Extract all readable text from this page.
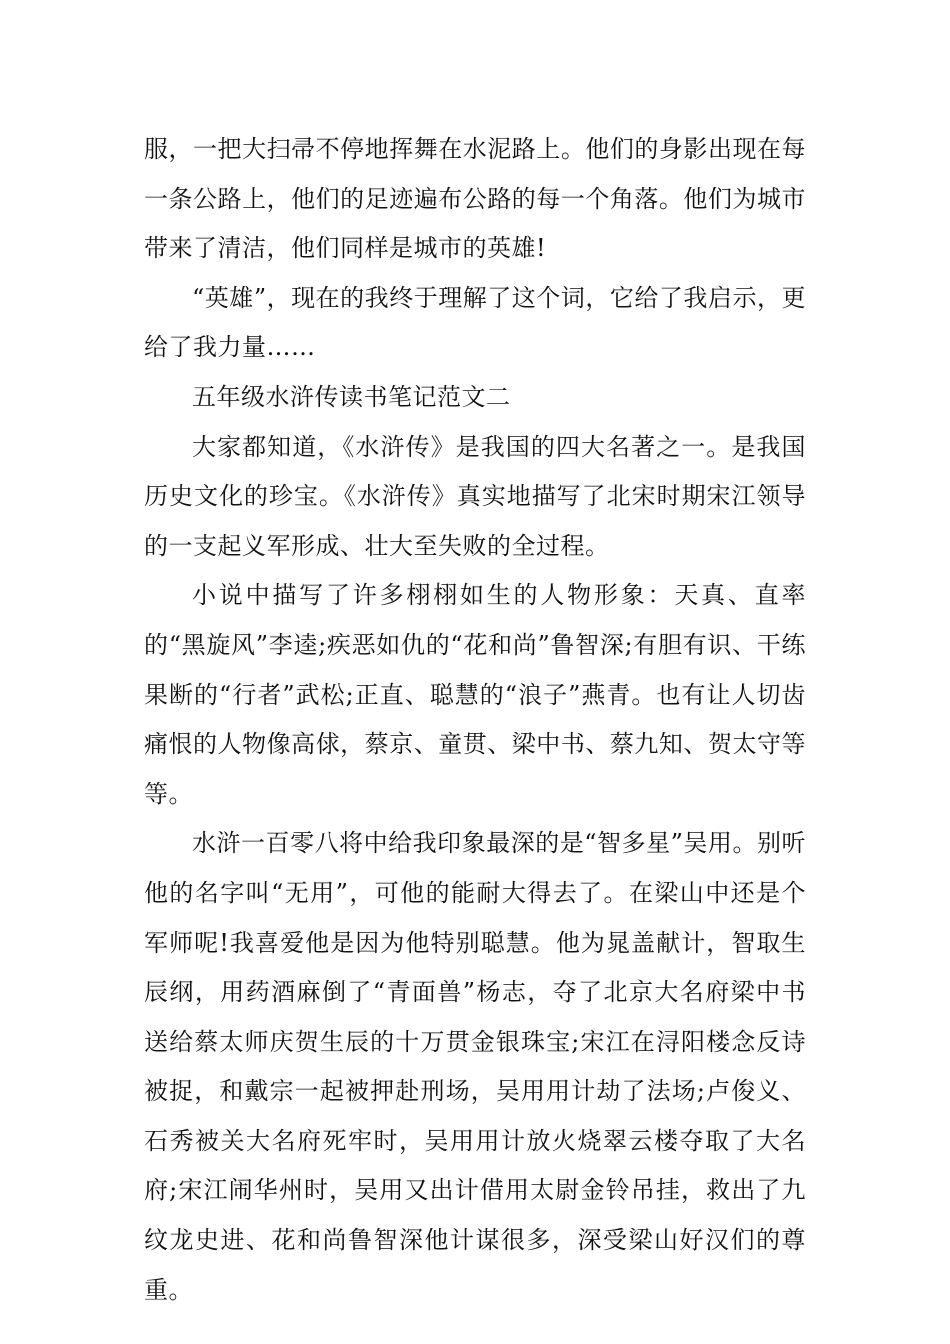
服，一把大扫帚不停地挥舞在水泥路上。他们的身影出现在每一条公路上，他们的足迹遍布公路的每一个角落。他们为城市带来了清洁，他们同样是城市的英雄!

“英雄”，现在的我终于理解了这个词，它给了我启示，更给了我力量……

五年级水浒传读书笔记范文二

大家都知道，《水浒传》是我国的四大名著之一。是我国历史文化的珍宝。《水浒传》真实地描写了北宋时期宋江领导的一支起义军形成、壮大至失败的全过程。

小说中描写了许多栩栩如生的人物形象：天真、直率的“黑旋风”李逵;疾恶如仇的“花和尚”鲁智深;有胆有识、干练果断的“行者”武松;正直、聪慧的“浪子”燕青。也有让人切齿痛恨的人物像高俅，蔡京、童贯、梁中书、蔡九知、贺太守等等。

水浒一百零八将中给我印象最深的是“智多星”吴用。别听他的名字叫“无用”，可他的能耐大得去了。在梁山中还是个军师呢!我喜爱他是因为他特别聪慧。他为晁盖献计，智取生辰纲，用药酒麻倒了“青面兽”杨志，夺了北京大名府梁中书送给蔡太师庆贺生辰的十万贯金银珠宝;宋江在浔阳楼念反诗被捉，和戴宗一起被押赴刑场，吴用用计劫了法场;卢俊义、石秀被关大名府死牢时，吴用用计放火烧翠云楼夺取了大名府;宋江闹华州时，吴用又出计借用太尉金铃吊挂，救出了九纹龙史进、花和尚鲁智深他计谋很多，深受梁山好汉们的尊重。
